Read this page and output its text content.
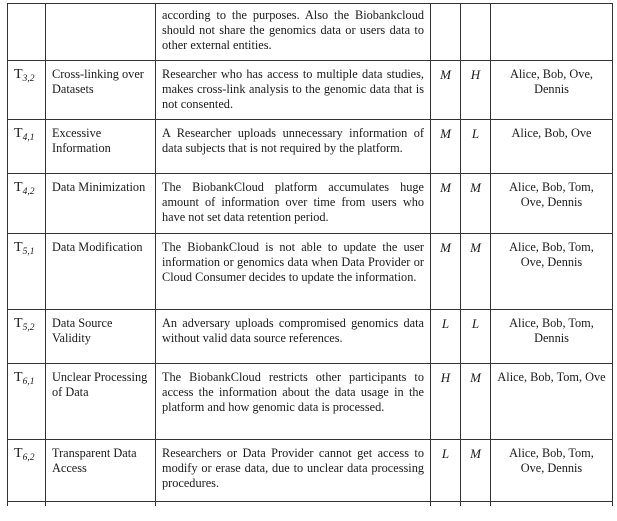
		according to the purposes. Also the Biobankcloud should not share the genomics data or users data to other external entities.			
$T_{3,2}$	Cross-linking over Datasets	Researcher who has access to multiple data studies, makes cross-link analysis to the genomic data that is not consented.	M	H	Alice, Bob, Ove, Dennis
$T_{4,1}$	Excessive Information	A Researcher uploads unnecessary information of data subjects that is not required by the platform.	M	L	Alice, Bob, Ove
$T_{4,2}$	Data Minimization	The BiobankCloud platform accumulates huge amount of information over time from users who have not set data retention period.	M	M	Alice, Bob, Tom, Ove, Dennis
$T_{5,1}$	Data Modification	The BiobankCloud is not able to update the user information or genomics data when Data Provider or Cloud Consumer decides to update the information.	M	M	Alice, Bob, Tom, Ove, Dennis
$T_{5,2}$	Data Source Validity	An adversary uploads compromised genomics data without valid data source references.	L	L	Alice, Bob, Tom, Dennis
$T_{6,1}$	Unclear Processing of Data	The BiobankCloud restricts other participants to access the information about the data usage in the platform and how genomic data is processed.	H	M	Alice, Bob, Tom, Ove
$T_{6,2}$	Transparent Data Access	Researchers or Data Provider cannot get access to modify or erase data, due to unclear data processing procedures.	L	M	Alice, Bob, Tom, Ove, Dennis
